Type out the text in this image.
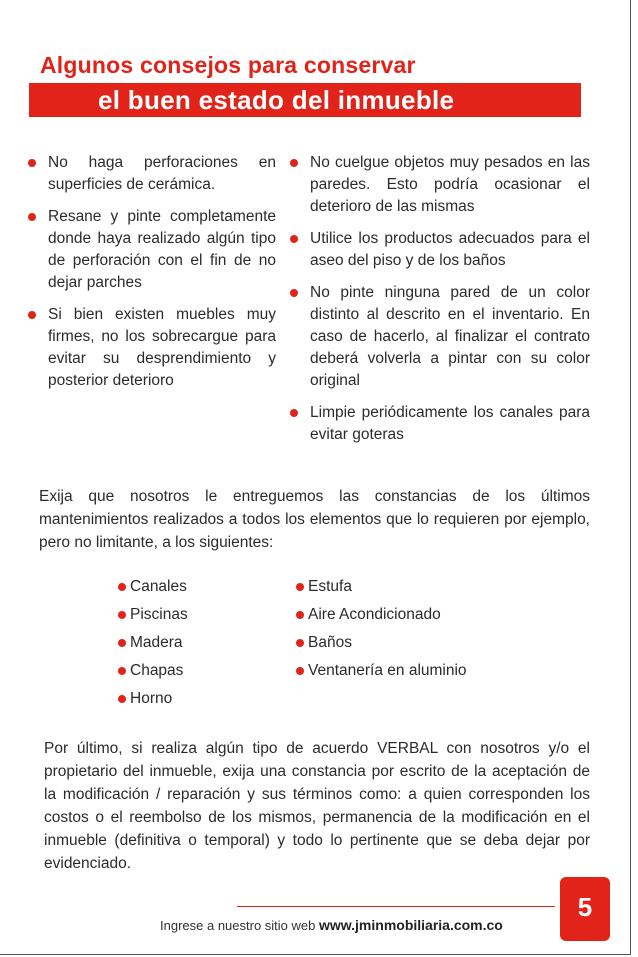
Algunos consejos para conservar
el buen estado del inmueble
No haga perforaciones en superficies de cerámica.
Resane y pinte completamente donde haya realizado algún tipo de perforación con el fin de no dejar parches
Si bien existen muebles muy firmes, no los sobrecargue para evitar su desprendimiento y posterior deterioro
No cuelgue objetos muy pesados en las paredes. Esto podría ocasionar el deterioro de las mismas
Utilice los productos adecuados para el aseo del piso y de los baños
No pinte ninguna pared de un color distinto al descrito en el inventario. En caso de hacerlo, al finalizar el contrato deberá volverla a pintar con su color original
Limpie periódicamente los canales para evitar goteras

Exija que nosotros le entreguemos las constancias de los últimos mantenimientos realizados a todos los elementos que lo requieren por ejemplo, pero no limitante, a los siguientes:

Canales
Piscinas
Madera
Chapas
Horno
Estufa
Aire Acondicionado
Baños
Ventanería en aluminio

Por último, si realiza algún tipo de acuerdo VERBAL con nosotros y/o el propietario del inmueble, exija una constancia por escrito de la aceptación de la modificación / reparación y sus términos como: a quien corresponden los costos o el reembolso de los mismos, permanencia de la modificación en el inmueble (definitiva o temporal) y todo lo pertinente que se deba dejar por evidenciado.

Ingrese a nuestro sitio web www.jminmobiliaria.com.co
5
